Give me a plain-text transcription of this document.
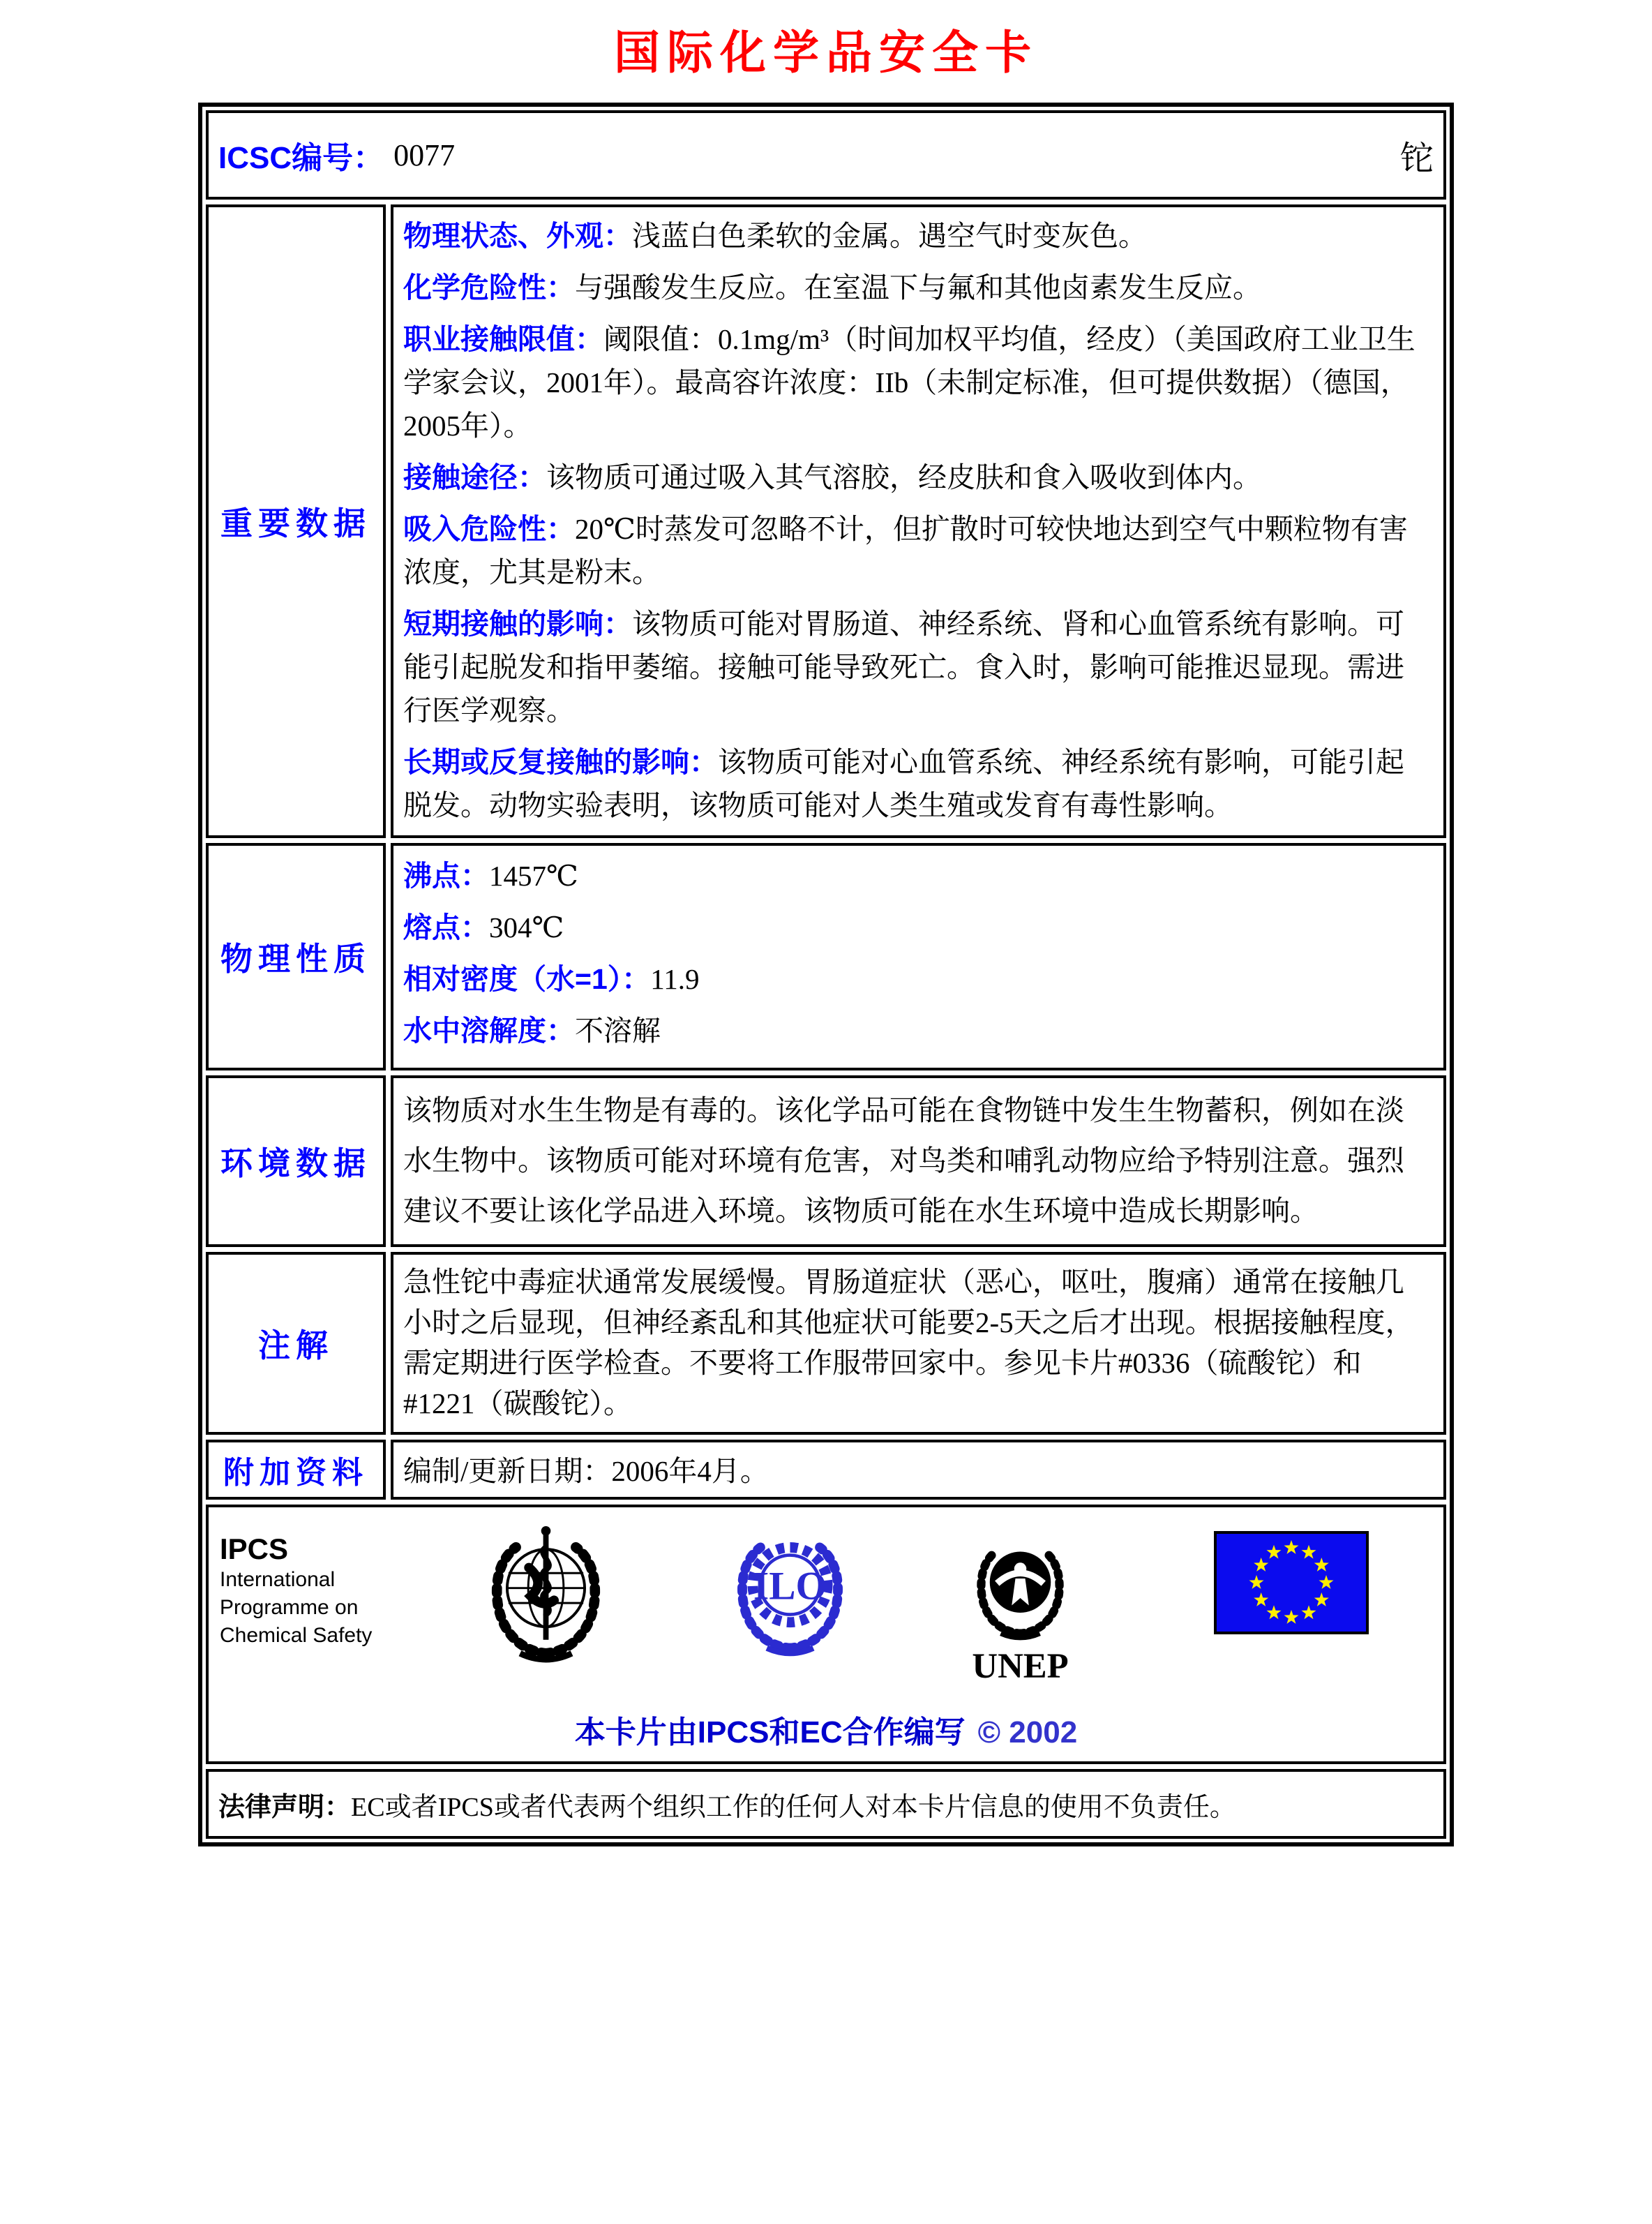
国际化学品安全卡
ICSC编号： 0077	铊
重要数据

物理状态、外观：浅蓝白色柔软的金属。遇空气时变灰色。

化学危险性：与强酸发生反应。在室温下与氟和其他卤素发生反应。

职业接触限值：阈限值：0.1mg/m³（时间加权平均值，经皮）（美国政府工业卫生学家会议，2001年）。最高容许浓度：IIb（未制定标准，但可提供数据）（德国，2005年）。

接触途径：该物质可通过吸入其气溶胶，经皮肤和食入吸收到体内。

吸入危险性：20℃时蒸发可忽略不计，但扩散时可较快地达到空气中颗粒物有害浓度，尤其是粉末。

短期接触的影响：该物质可能对胃肠道、神经系统、肾和心血管系统有影响。可能引起脱发和指甲萎缩。接触可能导致死亡。食入时，影响可能推迟显现。需进行医学观察。

长期或反复接触的影响：该物质可能对心血管系统、神经系统有影响，可能引起脱发。动物实验表明，该物质可能对人类生殖或发育有毒性影响。

物理性质

沸点：1457℃

熔点：304℃

相对密度（水=1）：11.9

水中溶解度：不溶解

环境数据
该物质对水生生物是有毒的。该化学品可能在食物链中发生生物蓄积，例如在淡水生物中。该物质可能对环境有危害，对鸟类和哺乳动物应给予特别注意。强烈建议不要让该化学品进入环境。该物质可能在水生环境中造成长期影响。
注解
急性铊中毒症状通常发展缓慢。胃肠道症状（恶心，呕吐，腹痛）通常在接触几小时之后显现，但神经紊乱和其他症状可能要2-5天之后才出现。根据接触程度，需定期进行医学检查。不要将工作服带回家中。参见卡片#0336（硫酸铊）和#1221（碳酸铊）。
附加资料	编制/更新日期：2006年4月。
IPCS
International
Programme on
Chemical Safety
ILO
UNEP
本卡片由IPCS和EC合作编写 © 2002
法律声明： EC或者IPCS或者代表两个组织工作的任何人对本卡片信息的使用不负责任。
